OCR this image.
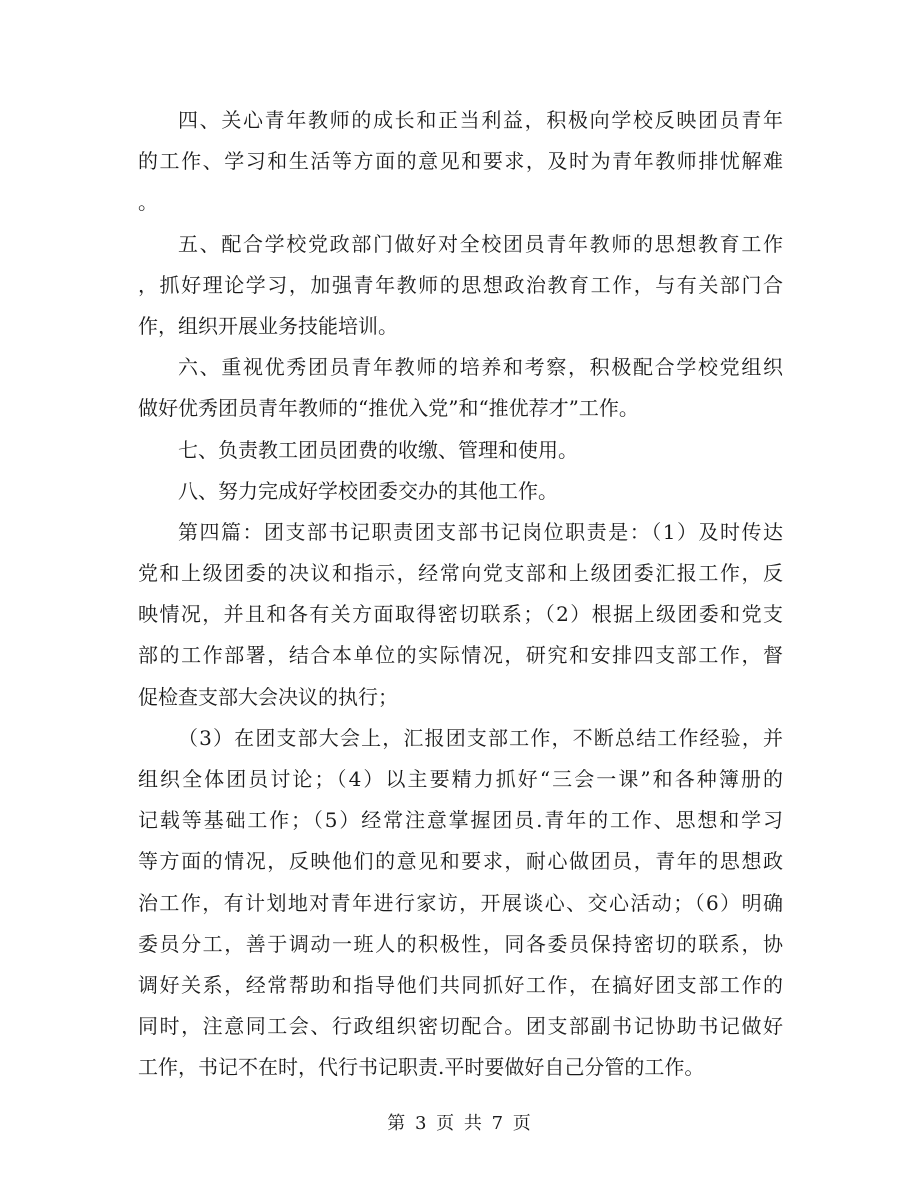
四、关心青年教师的成长和正当利益，积极向学校反映团员青年
的工作、学习和生活等方面的意见和要求，及时为青年教师排忧解难
。
五、配合学校党政部门做好对全校团员青年教师的思想教育工作
，抓好理论学习，加强青年教师的思想政治教育工作，与有关部门合
作，组织开展业务技能培训。
六、重视优秀团员青年教师的培养和考察，积极配合学校党组织
做好优秀团员青年教师的“推优入党”和“推优荐才”工作。
七、负责教工团员团费的收缴、管理和使用。
八、努力完成好学校团委交办的其他工作。
第四篇：团支部书记职责团支部书记岗位职责是：（1）及时传达
党和上级团委的决议和指示，经常向党支部和上级团委汇报工作，反
映情况，并且和各有关方面取得密切联系；（2）根据上级团委和党支
部的工作部署，结合本单位的实际情况，研究和安排四支部工作，督
促检查支部大会决议的执行；
（3）在团支部大会上，汇报团支部工作，不断总结工作经验，并
组织全体团员讨论；（4）以主要精力抓好“三会一课”和各种簿册的
记载等基础工作；（5）经常注意掌握团员.青年的工作、思想和学习
等方面的情况，反映他们的意见和要求，耐心做团员，青年的思想政
治工作，有计划地对青年进行家访，开展谈心、交心活动；（6）明确
委员分工，善于调动一班人的积极性，同各委员保持密切的联系，协
调好关系，经常帮助和指导他们共同抓好工作，在搞好团支部工作的
同时，注意同工会、行政组织密切配合。团支部副书记协助书记做好
工作，书记不在时，代行书记职责.平时要做好自己分管的工作。
第 3 页 共 7 页
